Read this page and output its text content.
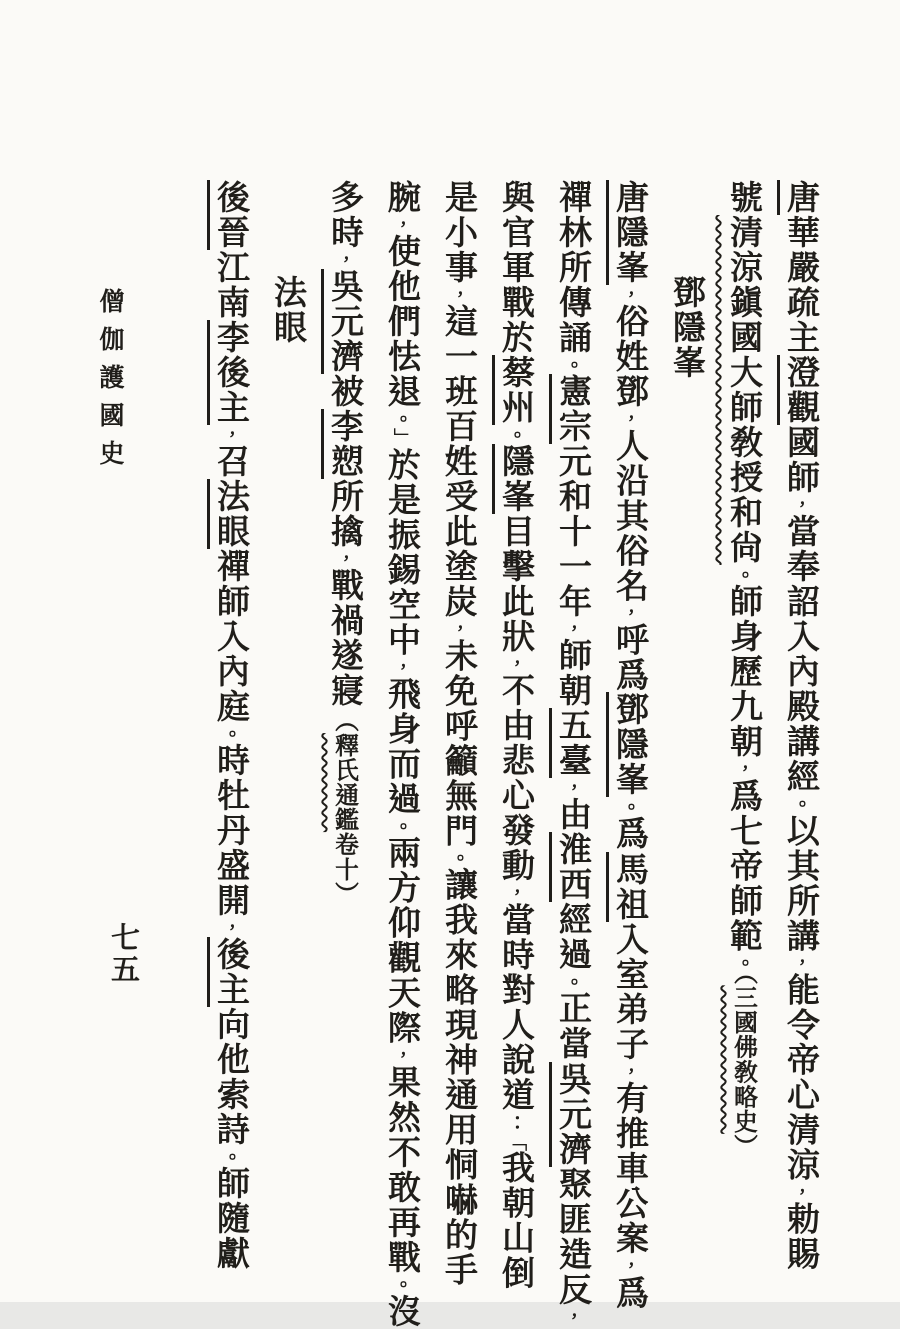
唐華嚴疏主澄觀國師，當奉詔入內殿講經。以其所講，能令帝心清涼，勅賜
號清涼鎭國大師敎授和尙。師身歷九朝，爲七帝師範。（三國佛敎略史）
鄧隱峯
唐隱峯，俗姓鄧，人沿其俗名，呼爲鄧隱峯。爲馬祖入室弟子，有推車公案，爲
禪林所傳誦。憲宗元和十一年，師朝五臺，由淮西經過。正當吳元濟聚匪造反，
與官軍戰於蔡州。隱峯目擊此狀，不由悲心發動，當時對人說道：「我朝山倒
是小事，這一班百姓受此塗炭，未免呼籲無門。讓我來略現神通用恫嚇的手
腕，使他們怯退。」於是振錫空中，飛身而過。兩方仰觀天際，果然不敢再戰。沒
多時，吳元濟被李愬所擒，戰禍遂寢（釋氏通鑑卷十）
法眼
後晉江南李後主，召法眼禪師入內庭。時牡丹盛開，後主向他索詩。師隨獻
僧伽護國史
七五
